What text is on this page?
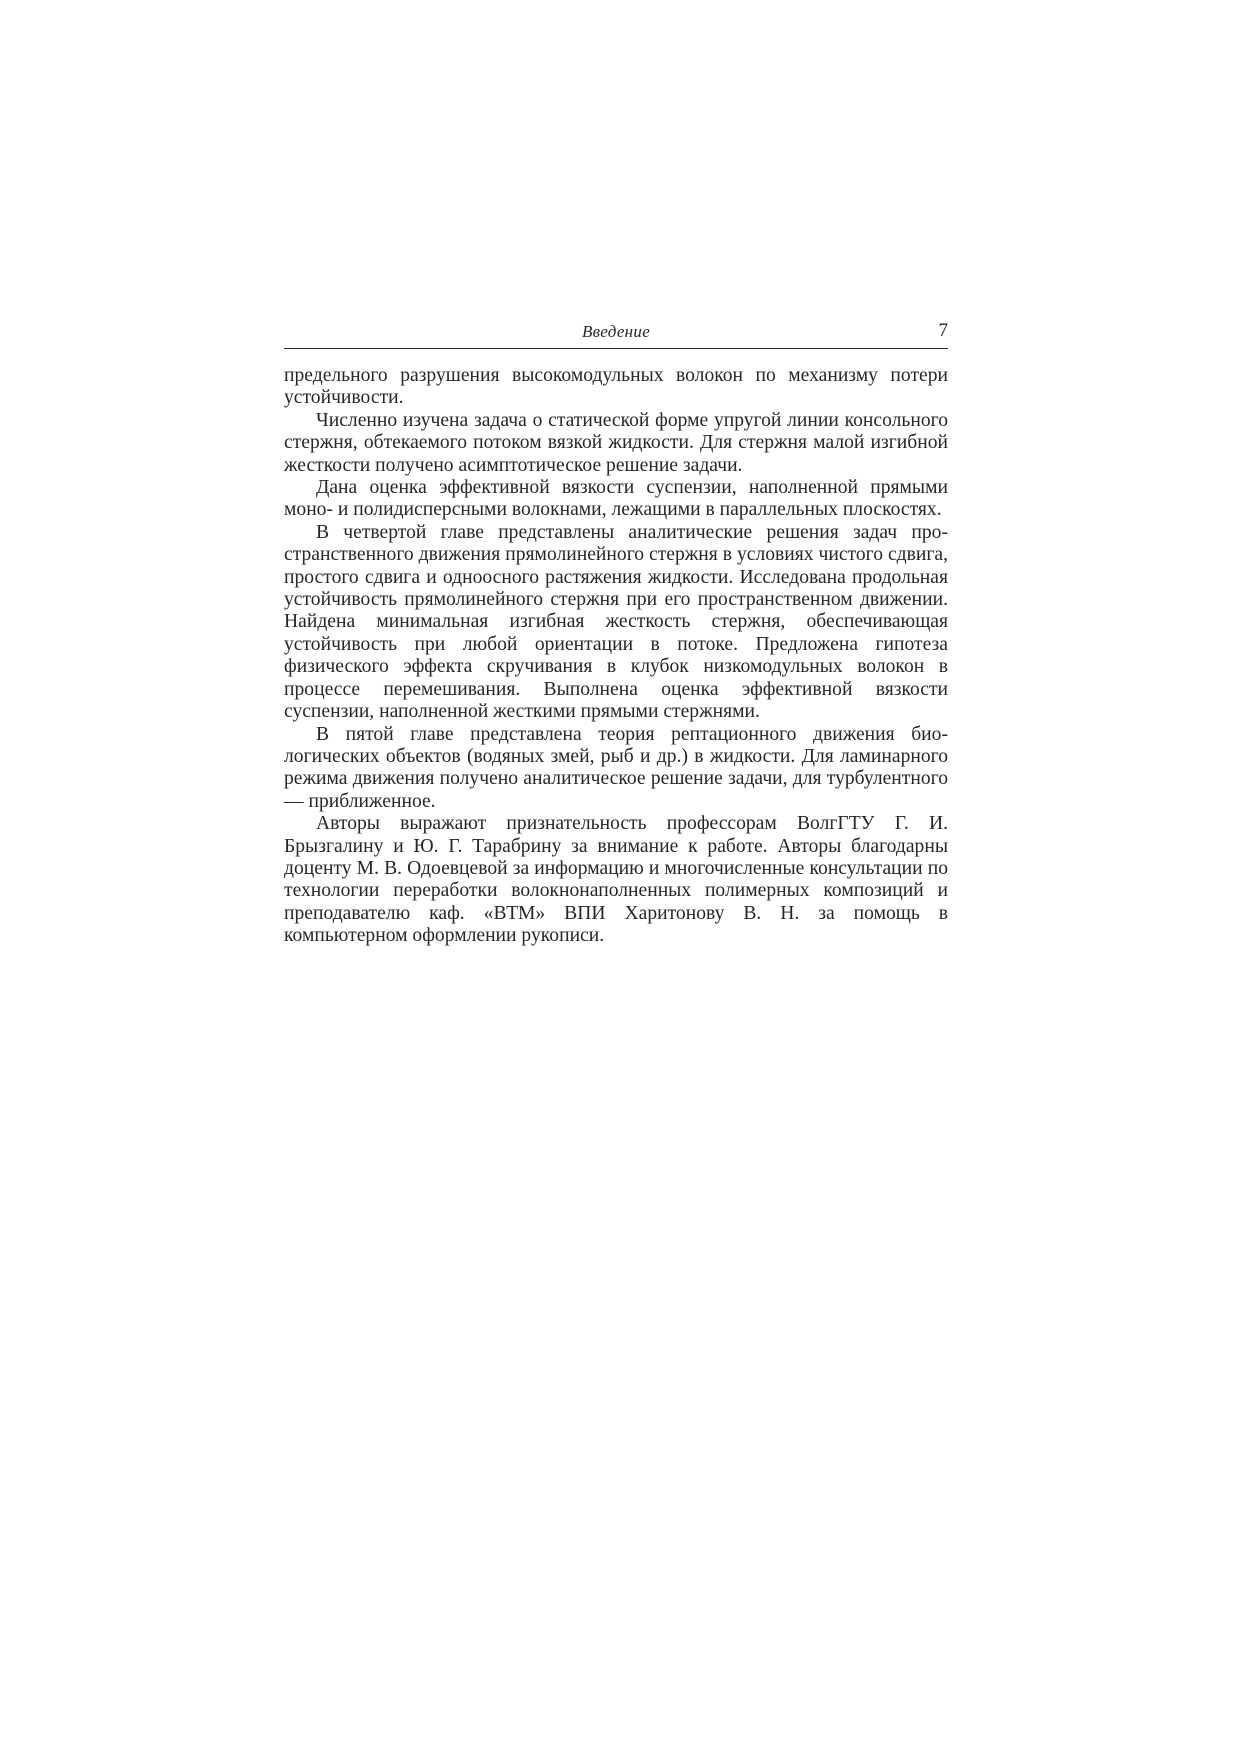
Введение	7

предельного разрушения высокомодульных волокон по механизму потери устойчивости.

Численно изучена задача о статической форме упругой линии консольного стержня, обтекаемого потоком вязкой жидкости. Для стержня малой изгибной жесткости получено асимптотическое решение задачи.

Дана оценка эффективной вязкости суспензии, наполненной прямыми моно- и полидисперсными волокнами, лежащими в параллельных плоскостях.

В четвертой главе представлены аналитические решения задач пространственного движения прямолинейного стержня в условиях чистого сдвига, простого сдвига и одноосного растяжения жидкости. Исследована продольная устойчивость прямолинейного стержня при его пространственном движении. Найдена минимальная изгибная жесткость стержня, обеспечивающая устойчивость при любой ориентации в потоке. Предложена гипотеза физического эффекта скручивания в клубок низкомодульных волокон в процессе перемешивания. Выполнена оценка эффективной вязкости суспензии, наполненной жесткими прямыми стержнями.

В пятой главе представлена теория рептационного движения биологических объектов (водяных змей, рыб и др.) в жидкости. Для ламинарного режима движения получено аналитическое решение задачи, для турбулентного — приближенное.

Авторы выражают признательность профессорам ВолгГТУ Г. И. Брызгалину и Ю. Г. Тарабрину за внимание к работе. Авторы благодарны доценту М. В. Одоевцевой за информацию и многочисленные консультации по технологии переработки волокнонаполненных полимерных композиций и преподавателю каф. «ВТМ» ВПИ Харитонову В. Н. за помощь в компьютерном оформлении рукописи.
